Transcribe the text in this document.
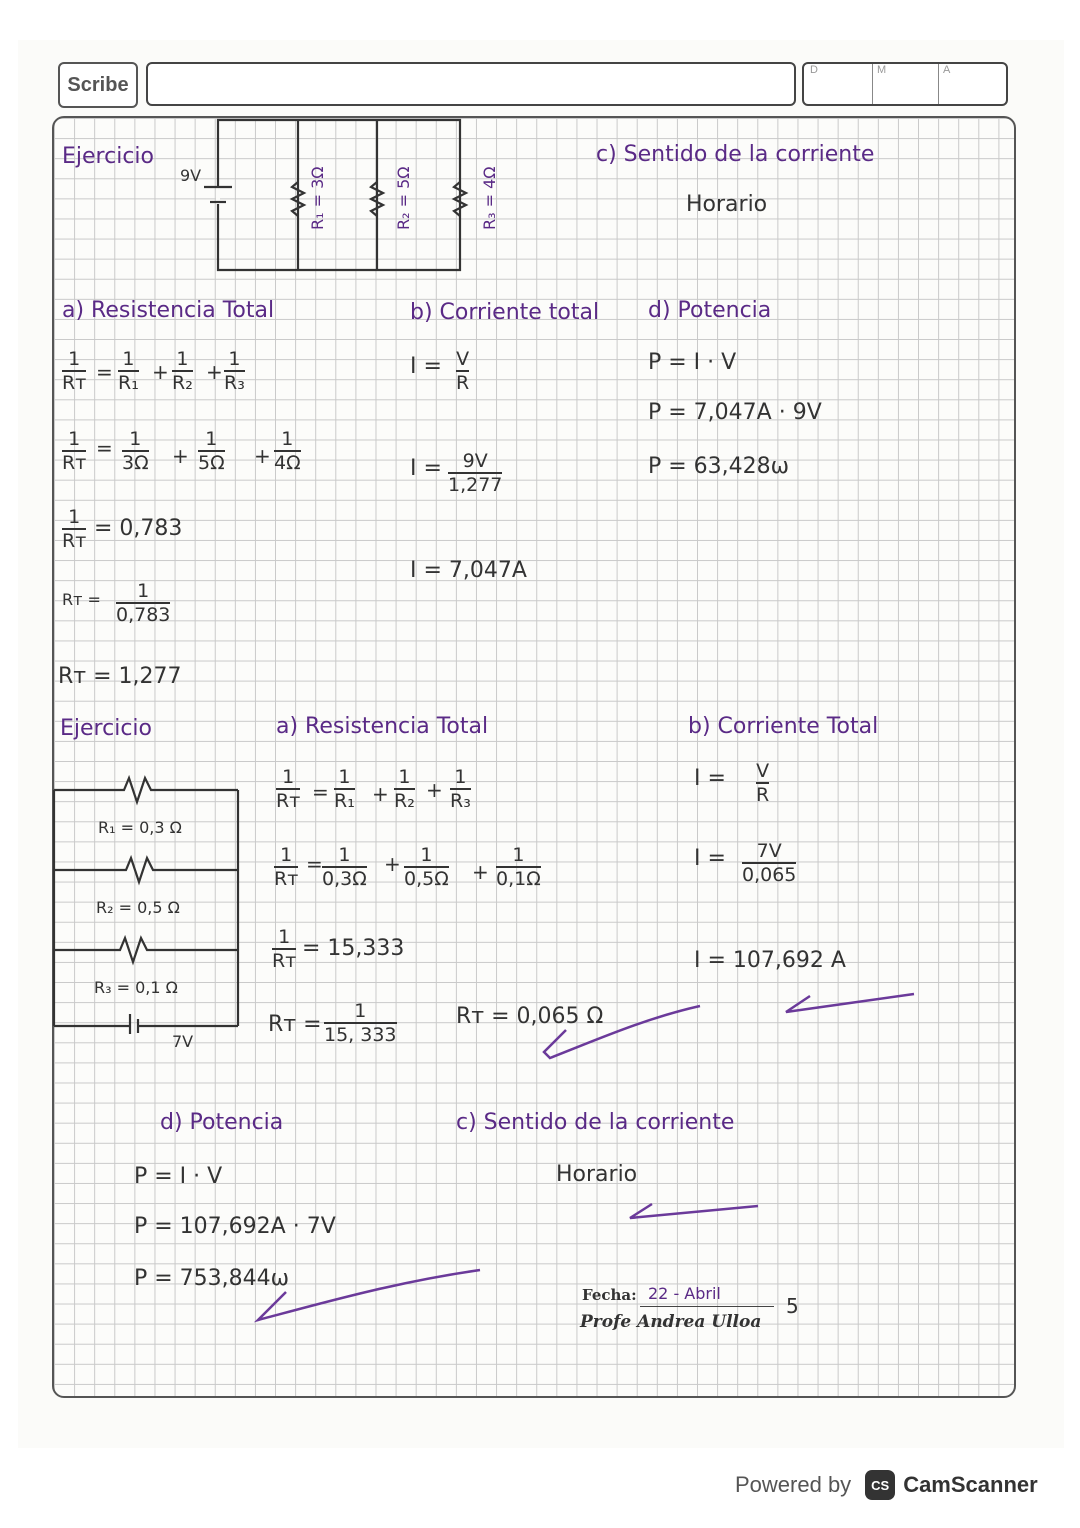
Scribe
D	M	A
Ejercicio
9V	R₁ = 3Ω	R₂ = 5Ω	R₃ = 4Ω
c) Sentido de la corriente
Horario
a) Resistencia Total
$\frac{1}{\text{Rᴛ}} = \frac{1}{\text{R₁}} + \frac{1}{\text{R₂}} + \frac{1}{\text{R₃}}$
$\frac{1}{\text{Rᴛ}} = \frac{1}{3\Omega} + \frac{1}{5\Omega} + \frac{1}{4\Omega}$
$\frac{1}{\text{Rᴛ}} = 0,783$
Rᴛ = $\frac{1}{0,783}$
Rᴛ = 1,277
b) Corriente total
$I = \frac{V}{R}$
$I = \frac{9V}{1,277}$
I = 7,047A
d) Potencia
P = I · V
P = 7,047A · 9V
P = 63,428ω
Ejercicio
R₁ = 0,3 Ω
R₂ = 0,5 Ω
R₃ = 0,1 Ω
7V
a) Resistencia Total
$\frac{1}{\text{Rᴛ}} = \frac{1}{\text{R₁}} + \frac{1}{\text{R₂}} + \frac{1}{\text{R₃}}$
$\frac{1}{\text{Rᴛ}} = \frac{1}{0,3\Omega} + \frac{1}{0,5\Omega} + \frac{1}{0,1\Omega}$
$\frac{1}{\text{Rᴛ}} = 15,333$
Rᴛ = $\frac{1}{15, 333}$	Rᴛ = 0,065 Ω
b) Corriente Total
$I = \frac{V}{R}$
$I = \frac{7V}{0,065}$
I = 107,692 A
d) Potencia
P = I · V
P = 107,692A · 7V
P = 753,844ω
c) Sentido de la corriente
Horario
Fecha: 22 - Abril
Profe Andrea Ulloa
5
Powered by	CS CamScanner
